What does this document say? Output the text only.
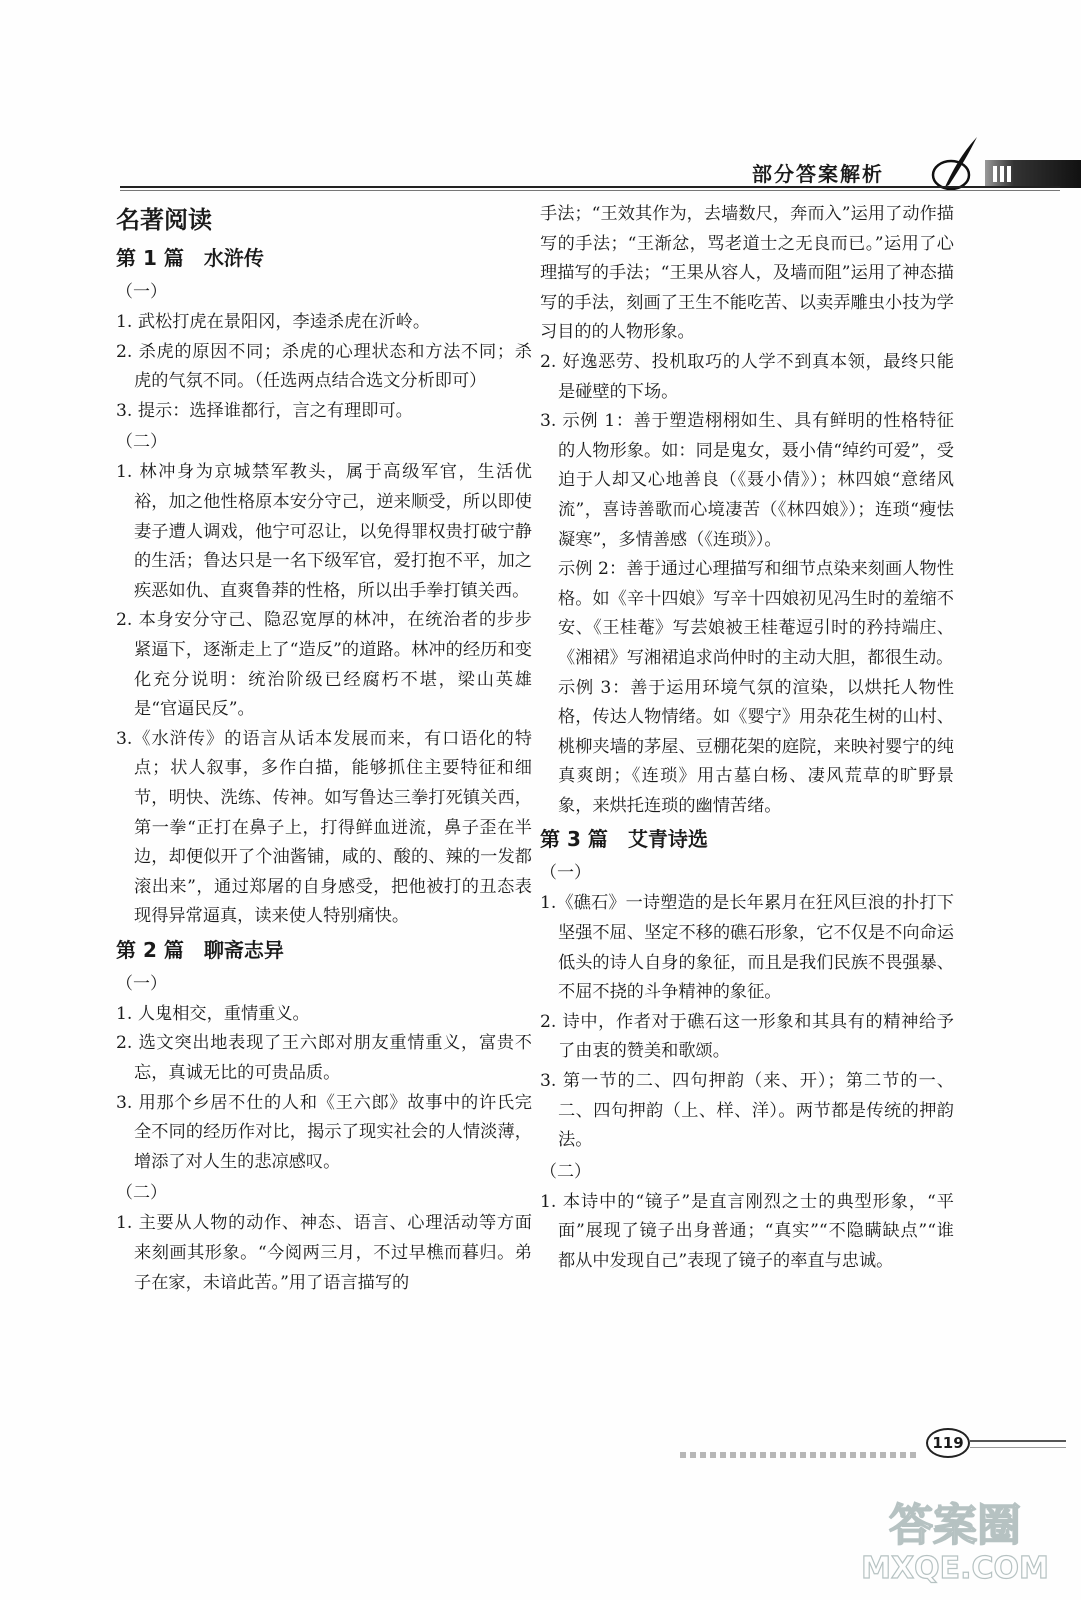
部分答案解析

名著阅读

第 1 篇　水浒传

（一）

1. 武松打虎在景阳冈，李逵杀虎在沂岭。

2. 杀虎的原因不同；杀虎的心理状态和方法不同；杀虎的气氛不同。（任选两点结合选文分析即可）

3. 提示：选择谁都行，言之有理即可。

（二）

1. 林冲身为京城禁军教头，属于高级军官，生活优裕，加之他性格原本安分守己，逆来顺受，所以即使妻子遭人调戏，他宁可忍让，以免得罪权贵打破宁静的生活；鲁达只是一名下级军官，爱打抱不平，加之疾恶如仇、直爽鲁莽的性格，所以出手拳打镇关西。

2. 本身安分守己、隐忍宽厚的林冲，在统治者的步步紧逼下，逐渐走上了“造反”的道路。林冲的经历和变化充分说明：统治阶级已经腐朽不堪，梁山英雄是“官逼民反”。

3.《水浒传》的语言从话本发展而来，有口语化的特点；状人叙事，多作白描，能够抓住主要特征和细节，明快、洗练、传神。如写鲁达三拳打死镇关西，第一拳“正打在鼻子上，打得鲜血迸流，鼻子歪在半边，却便似开了个油酱铺，咸的、酸的、辣的一发都滚出来”，通过郑屠的自身感受，把他被打的丑态表现得异常逼真，读来使人特别痛快。

第 2 篇　聊斋志异

（一）

1. 人鬼相交，重情重义。

2. 选文突出地表现了王六郎对朋友重情重义，富贵不忘，真诚无比的可贵品质。

3. 用那个乡居不仕的人和《王六郎》故事中的许氏完全不同的经历作对比，揭示了现实社会的人情淡薄，增添了对人生的悲凉感叹。

（二）

1. 主要从人物的动作、神态、语言、心理活动等方面来刻画其形象。“今阅两三月，不过早樵而暮归。弟子在家，未谙此苦。”用了语言描写的

手法；“王效其作为，去墙数尺，奔而入”运用了动作描写的手法；“王渐忿，骂老道士之无良而已。”运用了心理描写的手法；“王果从容人，及墙而阻”运用了神态描写的手法，刻画了王生不能吃苦、以卖弄雕虫小技为学习目的的人物形象。

2. 好逸恶劳、投机取巧的人学不到真本领，最终只能是碰壁的下场。

3. 示例 1：善于塑造栩栩如生、具有鲜明的性格特征的人物形象。如：同是鬼女，聂小倩“绰约可爱”，受迫于人却又心地善良（《聂小倩》）；林四娘“意绪风流”，喜诗善歌而心境凄苦（《林四娘》）；连琐“瘦怯凝寒”，多情善感（《连琐》）。

示例 2：善于通过心理描写和细节点染来刻画人物性格。如《辛十四娘》写辛十四娘初见冯生时的羞缩不安、《王桂菴》写芸娘被王桂菴逗引时的矜持端庄、《湘裙》写湘裙追求尚仲时的主动大胆，都很生动。

示例 3：善于运用环境气氛的渲染，以烘托人物性格，传达人物情绪。如《婴宁》用杂花生树的山村、桃柳夹墙的茅屋、豆棚花架的庭院，来映衬婴宁的纯真爽朗；《连琐》用古墓白杨、凄风荒草的旷野景象，来烘托连琐的幽情苦绪。

第 3 篇　艾青诗选

（一）

1.《礁石》一诗塑造的是长年累月在狂风巨浪的扑打下坚强不屈、坚定不移的礁石形象，它不仅是不向命运低头的诗人自身的象征，而且是我们民族不畏强暴、不屈不挠的斗争精神的象征。

2. 诗中，作者对于礁石这一形象和其具有的精神给予了由衷的赞美和歌颂。

3. 第一节的二、四句押韵（来、开）；第二节的一、二、四句押韵（上、样、洋）。两节都是传统的押韵法。

（二）

1. 本诗中的“镜子”是直言刚烈之士的典型形象，“平面”展现了镜子出身普通；“真实”“不隐瞒缺点”“谁都从中发现自己”表现了镜子的率直与忠诚。

119
答案圈
MXQE.COM
